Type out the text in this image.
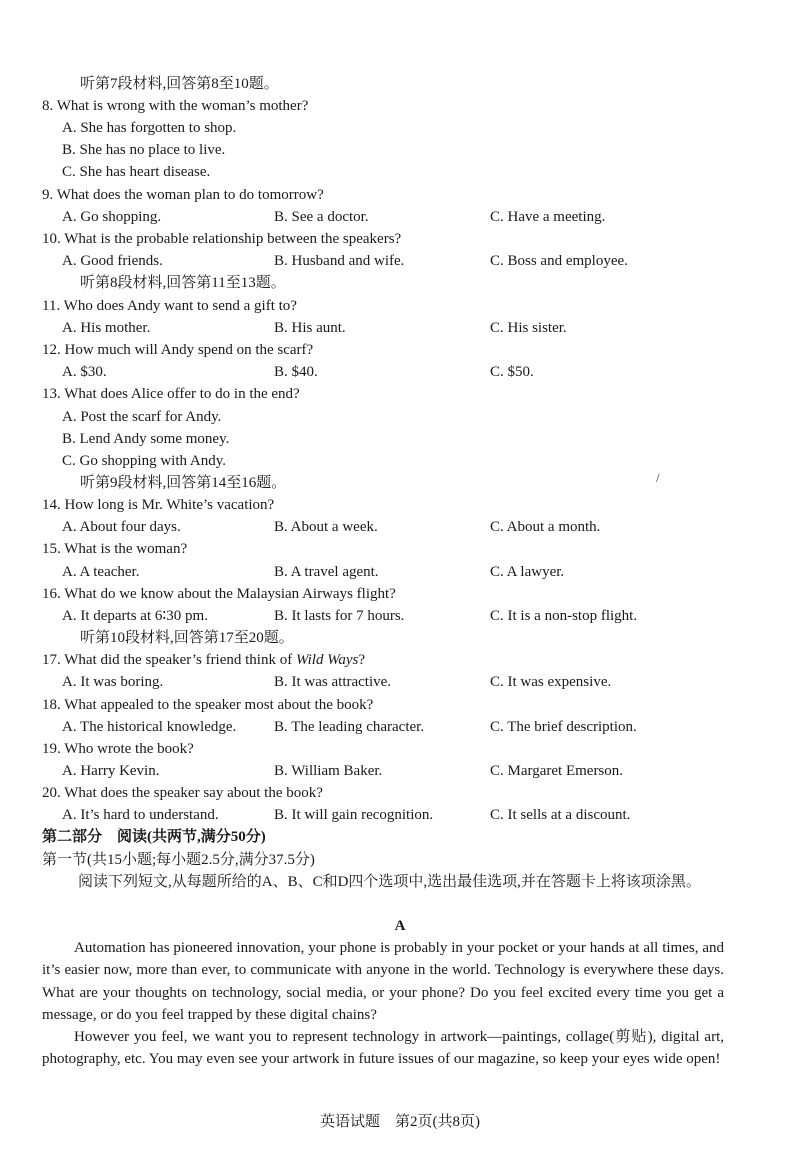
听第7段材料,回答第8至10题。
8. What is wrong with the woman’s mother?
A. She has forgotten to shop.
B. She has no place to live.
C. She has heart disease.
9. What does the woman plan to do tomorrow?
A. Go shopping.	B. See a doctor.	C. Have a meeting.
10. What is the probable relationship between the speakers?
A. Good friends.	B. Husband and wife.	C. Boss and employee.
听第8段材料,回答第11至13题。
11. Who does Andy want to send a gift to?
A. His mother.	B. His aunt.	C. His sister.
12. How much will Andy spend on the scarf?
A. $30.	B. $40.	C. $50.
13. What does Alice offer to do in the end?
A. Post the scarf for Andy.
B. Lend Andy some money.
C. Go shopping with Andy.
听第9段材料,回答第14至16题。	/
14. How long is Mr. White’s vacation?
A. About four days.	B. About a week.	C. About a month.
15. What is the woman?
A. A teacher.	B. A travel agent.	C. A lawyer.
16. What do we know about the Malaysian Airways flight?
A. It departs at 6∶30 pm.	B. It lasts for 7 hours.	C. It is a non-stop flight.
听第10段材料,回答第17至20题。
17. What did the speaker’s friend think of Wild Ways?
A. It was boring.	B. It was attractive.	C. It was expensive.
18. What appealed to the speaker most about the book?
A. The historical knowledge.	B. The leading character.	C. The brief description.
19. Who wrote the book?
A. Harry Kevin.	B. William Baker.	C. Margaret Emerson.
20. What does the speaker say about the book?
A. It’s hard to understand.	B. It will gain recognition.	C. It sells at a discount.
第二部分　阅读(共两节,满分50分)
第一节(共15小题;每小题2.5分,满分37.5分)
阅读下列短文,从每题所给的A、B、C和D四个选项中,选出最佳选项,并在答题卡上将该项涂黑。
A
Automation has pioneered innovation, your phone is probably in your pocket or your hands at all times, and it’s easier now, more than ever, to communicate with anyone in the world. Technology is everywhere these days. What are your thoughts on technology, social media, or your phone? Do you feel excited every time you get a message, or do you feel trapped by these digital chains?
However you feel, we want you to represent technology in artwork—paintings, collage(剪贴), digital art, photography, etc. You may even see your artwork in future issues of our magazine, so keep your eyes wide open!
英语试题　第2页(共8页)
